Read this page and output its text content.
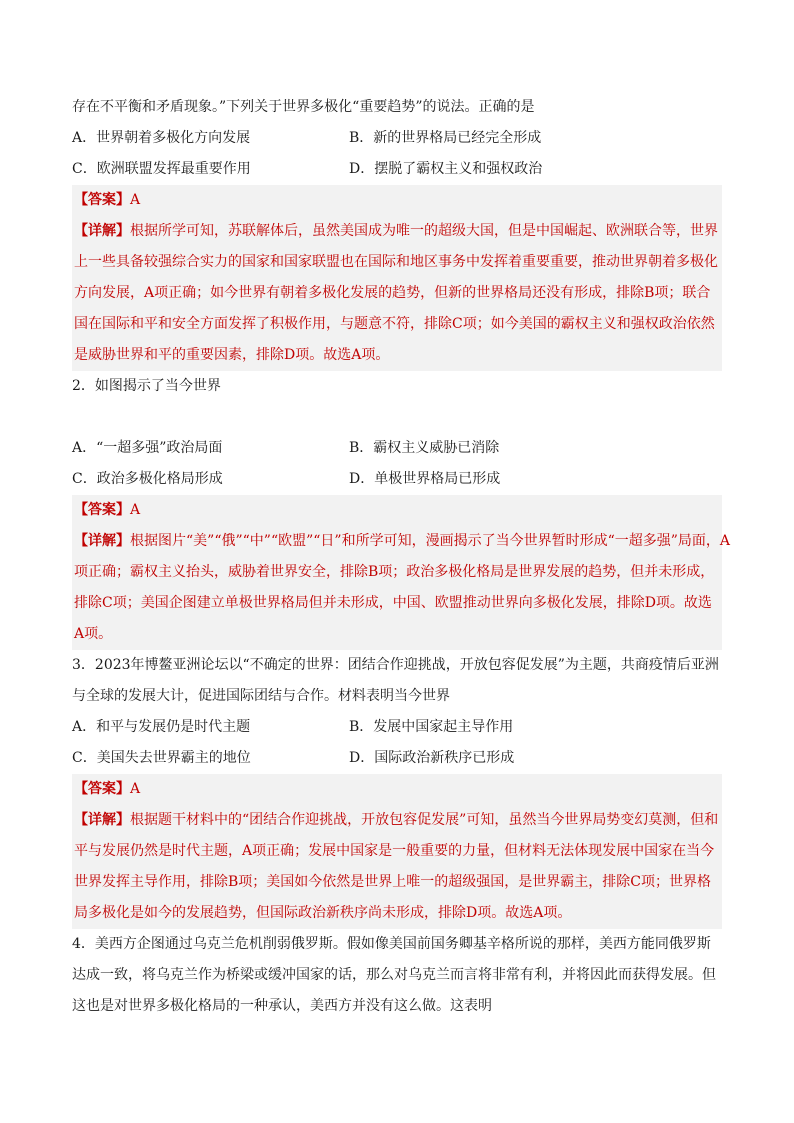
存在不平衡和矛盾现象。”下列关于世界多极化“重要趋势”的说法。正确的是
A．世界朝着多极化方向发展	B．新的世界格局已经完全形成
C．欧洲联盟发挥最重要作用	D．摆脱了霸权主义和强权政治
【答案】A
【详解】根据所学可知，苏联解体后，虽然美国成为唯一的超级大国，但是中国崛起、欧洲联合等，世界
上一些具备较强综合实力的国家和国家联盟也在国际和地区事务中发挥着重要重要，推动世界朝着多极化
方向发展，A项正确；如今世界有朝着多极化发展的趋势，但新的世界格局还没有形成，排除B项；联合
国在国际和平和安全方面发挥了积极作用，与题意不符，排除C项；如今美国的霸权主义和强权政治依然
是威胁世界和平的重要因素，排除D项。故选A项。
2．如图揭示了当今世界
A．“一超多强”政治局面	B．霸权主义威胁已消除
C．政治多极化格局形成	D．单极世界格局已形成
【答案】A
【详解】根据图片“美”“俄”“中”“欧盟”“日”和所学可知，漫画揭示了当今世界暂时形成“一超多强”局面，A
项正确；霸权主义抬头，威胁着世界安全，排除B项；政治多极化格局是世界发展的趋势，但并未形成，
排除C项；美国企图建立单极世界格局但并未形成，中国、欧盟推动世界向多极化发展，排除D项。故选
A项。
3．2023年博鳌亚洲论坛以“不确定的世界：团结合作迎挑战，开放包容促发展”为主题，共商疫情后亚洲
与全球的发展大计，促进国际团结与合作。材料表明当今世界
A．和平与发展仍是时代主题	B．发展中国家起主导作用
C．美国失去世界霸主的地位	D．国际政治新秩序已形成
【答案】A
【详解】根据题干材料中的“团结合作迎挑战，开放包容促发展”可知，虽然当今世界局势变幻莫测，但和
平与发展仍然是时代主题，A项正确；发展中国家是一般重要的力量，但材料无法体现发展中国家在当今
世界发挥主导作用，排除B项；美国如今依然是世界上唯一的超级强国，是世界霸主，排除C项；世界格
局多极化是如今的发展趋势，但国际政治新秩序尚未形成，排除D项。故选A项。
4．美西方企图通过乌克兰危机削弱俄罗斯。假如像美国前国务卿基辛格所说的那样，美西方能同俄罗斯
达成一致，将乌克兰作为桥梁或缓冲国家的话，那么对乌克兰而言将非常有利，并将因此而获得发展。但
这也是对世界多极化格局的一种承认，美西方并没有这么做。这表明
